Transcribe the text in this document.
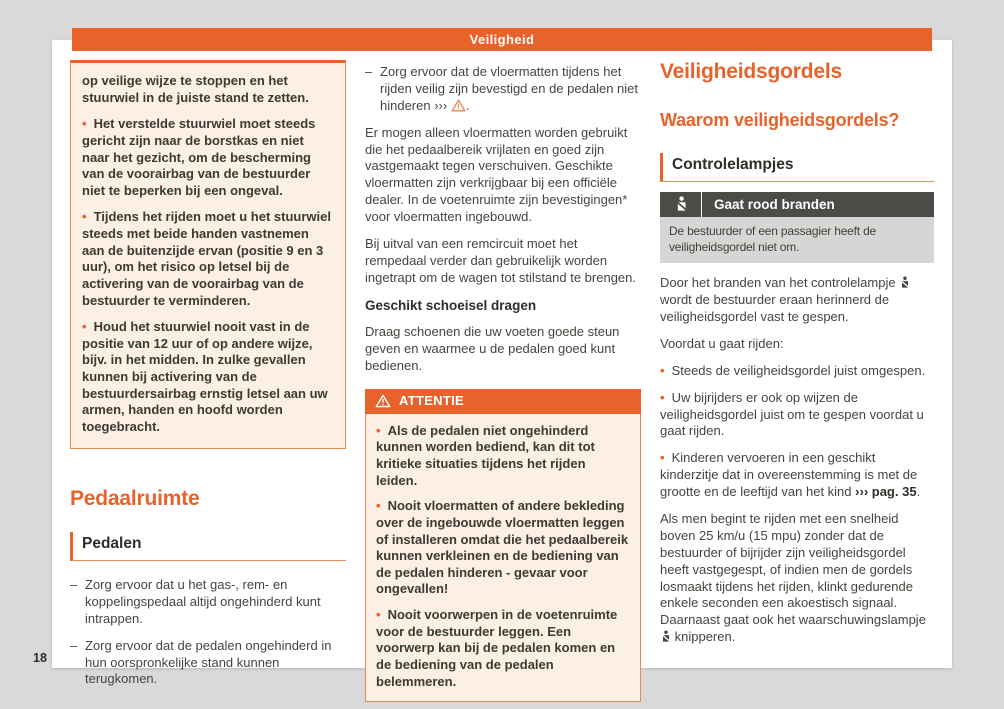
Veiligheid

op veilige wijze te stoppen en het stuurwiel in de juiste stand te zetten.

• Het verstelde stuurwiel moet steeds gericht zijn naar de borstkas en niet naar het gezicht, om de bescherming van de voorairbag van de bestuurder niet te beperken bij een ongeval.

• Tijdens het rijden moet u het stuurwiel steeds met beide handen vastnemen aan de buitenzijde ervan (positie 9 en 3 uur), om het risico op letsel bij de activering van de voorairbag van de bestuurder te verminderen.

• Houd het stuurwiel nooit vast in de positie van 12 uur of op andere wijze, bijv. in het midden. In zulke gevallen kunnen bij activering van de bestuurdersairbag ernstig letsel aan uw armen, handen en hoofd worden toegebracht.

Pedaalruimte
Pedalen

– Zorg ervoor dat u het gas-, rem- en koppelingspedaal altijd ongehinderd kunt intrappen.

– Zorg ervoor dat de pedalen ongehinderd in hun oorspronkelijke stand kunnen terugkomen.

– Zorg ervoor dat de vloermatten tijdens het rijden veilig zijn bevestigd en de pedalen niet hinderen ››› .

Er mogen alleen vloermatten worden gebruikt die het pedaalbereik vrijlaten en goed zijn vastgemaakt tegen verschuiven. Geschikte vloermatten zijn verkrijgbaar bij een officiële dealer. In de voetenruimte zijn bevestigingen* voor vloermatten ingebouwd.

Bij uitval van een remcircuit moet het rempedaal verder dan gebruikelijk worden ingetrapt om de wagen tot stilstand te brengen.

Geschikt schoeisel dragen

Draag schoenen die uw voeten goede steun geven en waarmee u de pedalen goed kunt bedienen.

ATTENTIE

• Als de pedalen niet ongehinderd kunnen worden bediend, kan dit tot kritieke situaties tijdens het rijden leiden.

• Nooit vloermatten of andere bekleding over de ingebouwde vloermatten leggen of installeren omdat die het pedaalbereik kunnen verkleinen en de bediening van de pedalen hinderen - gevaar voor ongevallen!

• Nooit voorwerpen in de voetenruimte voor de bestuurder leggen. Een voorwerp kan bij de pedalen komen en de bediening van de pedalen belemmeren.

Veiligheidsgordels
Waarom veiligheidsgordels?
Controlelampjes
Gaat rood branden
De bestuurder of een passagier heeft de veiligheidsgordel niet om.

Door het branden van het controlelampje  wordt de bestuurder eraan herinnerd de veiligheidsgordel vast te gespen.

Voordat u gaat rijden:

• Steeds de veiligheidsgordel juist omgespen.

• Uw bijrijders er ook op wijzen de veiligheidsgordel juist om te gespen voordat u gaat rijden.

• Kinderen vervoeren in een geschikt kinderzitje dat in overeenstemming is met de grootte en de leeftijd van het kind ››› pag. 35.

Als men begint te rijden met een snelheid boven 25 km/u (15 mpu) zonder dat de bestuurder of bijrijder zijn veiligheidsgordel heeft vastgegespt, of indien men de gordels losmaakt tijdens het rijden, klinkt gedurende enkele seconden een akoestisch signaal. Daarnaast gaat ook het waarschuwingslampje  knipperen.

18
